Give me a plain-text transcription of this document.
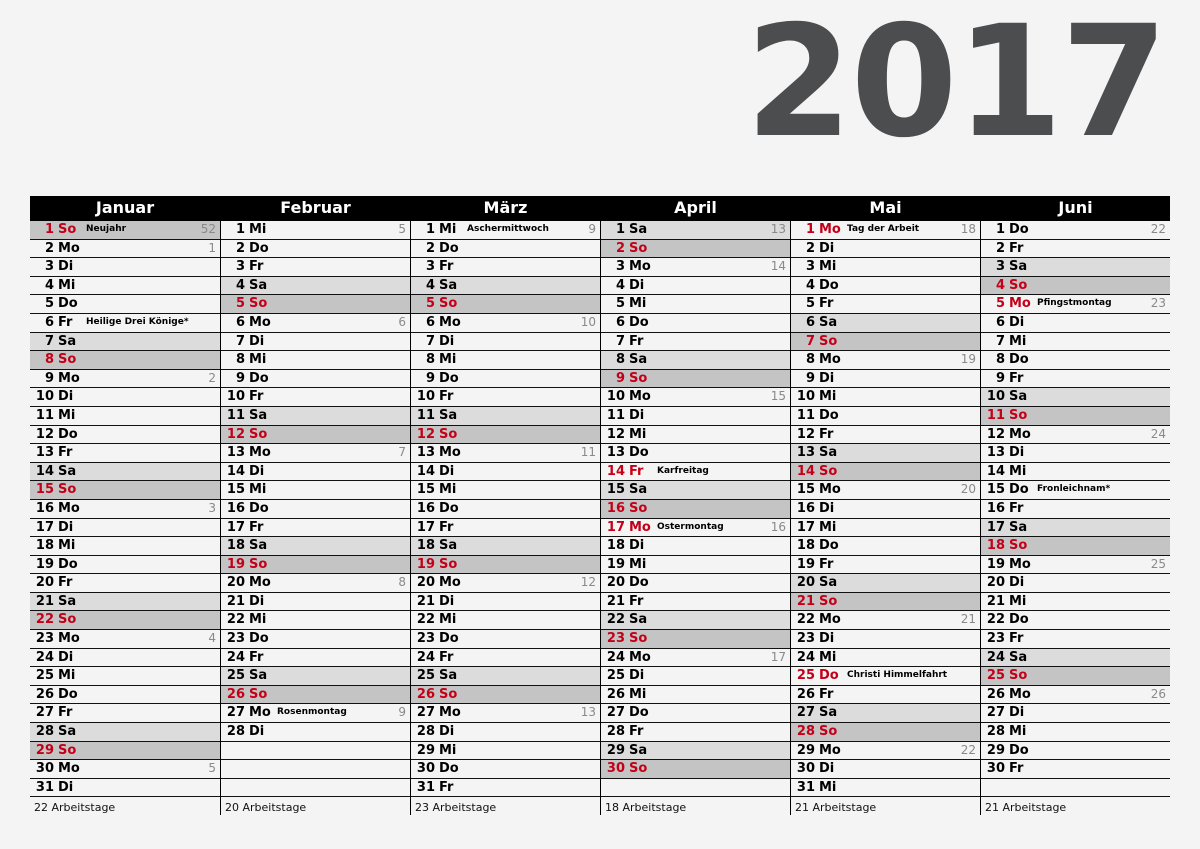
2017
Januar
1 So Neujahr	52
2 Mo	1
3 Di
4 Mi
5 Do
6 Fr Heilige Drei Könige*
7 Sa
8 So
9 Mo	2
10 Di
11 Mi
12 Do
13 Fr
14 Sa
15 So
16 Mo	3
17 Di
18 Mi
19 Do
20 Fr
21 Sa
22 So
23 Mo	4
24 Di
25 Mi
26 Do
27 Fr
28 Sa
29 So
30 Mo	5
31 Di
22 Arbeitstage
Februar
1 Mi	5
2 Do
3 Fr
4 Sa
5 So
6 Mo	6
7 Di
8 Mi
9 Do
10 Fr
11 Sa
12 So
13 Mo	7
14 Di
15 Mi
16 Do
17 Fr
18 Sa
19 So
20 Mo	8
21 Di
22 Mi
23 Do
24 Fr
25 Sa
26 So
27 Mo Rosenmontag	9
28 Di
20 Arbeitstage
März
1 Mi Aschermittwoch	9
2 Do
3 Fr
4 Sa
5 So
6 Mo	10
7 Di
8 Mi
9 Do
10 Fr
11 Sa
12 So
13 Mo	11
14 Di
15 Mi
16 Do
17 Fr
18 Sa
19 So
20 Mo	12
21 Di
22 Mi
23 Do
24 Fr
25 Sa
26 So
27 Mo	13
28 Di
29 Mi
30 Do
31 Fr
23 Arbeitstage
April
1 Sa	13
2 So
3 Mo	14
4 Di
5 Mi
6 Do
7 Fr
8 Sa
9 So
10 Mo	15
11 Di
12 Mi
13 Do
14 Fr Karfreitag
15 Sa
16 So
17 Mo Ostermontag	16
18 Di
19 Mi
20 Do
21 Fr
22 Sa
23 So
24 Mo	17
25 Di
26 Mi
27 Do
28 Fr
29 Sa
30 So
18 Arbeitstage
Mai
1 Mo Tag der Arbeit	18
2 Di
3 Mi
4 Do
5 Fr
6 Sa
7 So
8 Mo	19
9 Di
10 Mi
11 Do
12 Fr
13 Sa
14 So
15 Mo	20
16 Di
17 Mi
18 Do
19 Fr
20 Sa
21 So
22 Mo	21
23 Di
24 Mi
25 Do Christi Himmelfahrt
26 Fr
27 Sa
28 So
29 Mo	22
30 Di
31 Mi
21 Arbeitstage
Juni
1 Do	22
2 Fr
3 Sa
4 So
5 Mo Pfingstmontag	23
6 Di
7 Mi
8 Do
9 Fr
10 Sa
11 So
12 Mo	24
13 Di
14 Mi
15 Do Fronleichnam*
16 Fr
17 Sa
18 So
19 Mo	25
20 Di
21 Mi
22 Do
23 Fr
24 Sa
25 So
26 Mo	26
27 Di
28 Mi
29 Do
30 Fr
21 Arbeitstage
